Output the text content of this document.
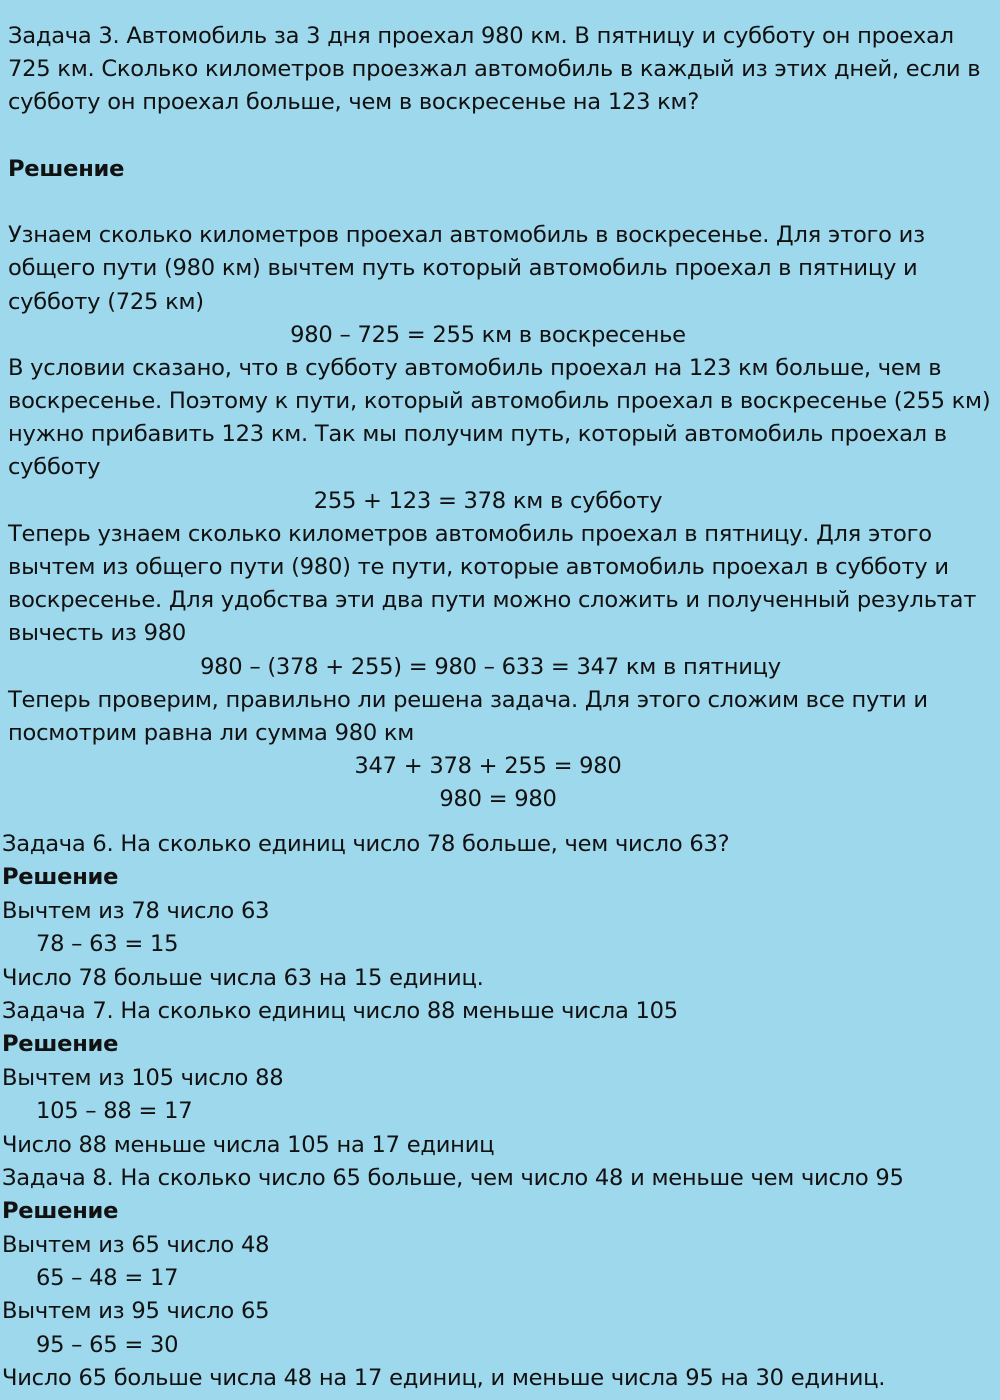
Задача 3. Автомобиль за 3 дня проехал 980 км. В пятницу и субботу он проехал
725 км. Сколько километров проезжал автомобиль в каждый из этих дней, если в
субботу он проехал больше, чем в воскресенье на 123 км?
Решение
Узнаем сколько километров проехал автомобиль в воскресенье. Для этого из
общего пути (980 км) вычтем путь который автомобиль проехал в пятницу и
субботу (725 км)
980 – 725 = 255 км в воскресенье
В условии сказано, что в субботу автомобиль проехал на 123 км больше, чем в
воскресенье. Поэтому к пути, который автомобиль проехал в воскресенье (255 км)
нужно прибавить 123 км. Так мы получим путь, который автомобиль проехал в
субботу
255 + 123 = 378 км в субботу
Теперь узнаем сколько километров автомобиль проехал в пятницу. Для этого
вычтем из общего пути (980) те пути, которые автомобиль проехал в субботу и
воскресенье. Для удобства эти два пути можно сложить и полученный результат
вычесть из 980
980 – (378 + 255) = 980 – 633 = 347 км в пятницу
Теперь проверим, правильно ли решена задача. Для этого сложим все пути и
посмотрим равна ли сумма 980 км
347 + 378 + 255 = 980
980 = 980
Задача 6. На сколько единиц число 78 больше, чем число 63?
Решение
Вычтем из 78 число 63
78 – 63 = 15
Число 78 больше числа 63 на 15 единиц.
Задача 7. На сколько единиц число 88 меньше числа 105
Решение
Вычтем из 105 число 88
105 – 88 = 17
Число 88 меньше числа 105 на 17 единиц
Задача 8. На сколько число 65 больше, чем число 48 и меньше чем число 95
Решение
Вычтем из 65 число 48
65 – 48 = 17
Вычтем из 95 число 65
95 – 65 = 30
Число 65 больше числа 48 на 17 единиц, и меньше числа 95 на 30 единиц.
